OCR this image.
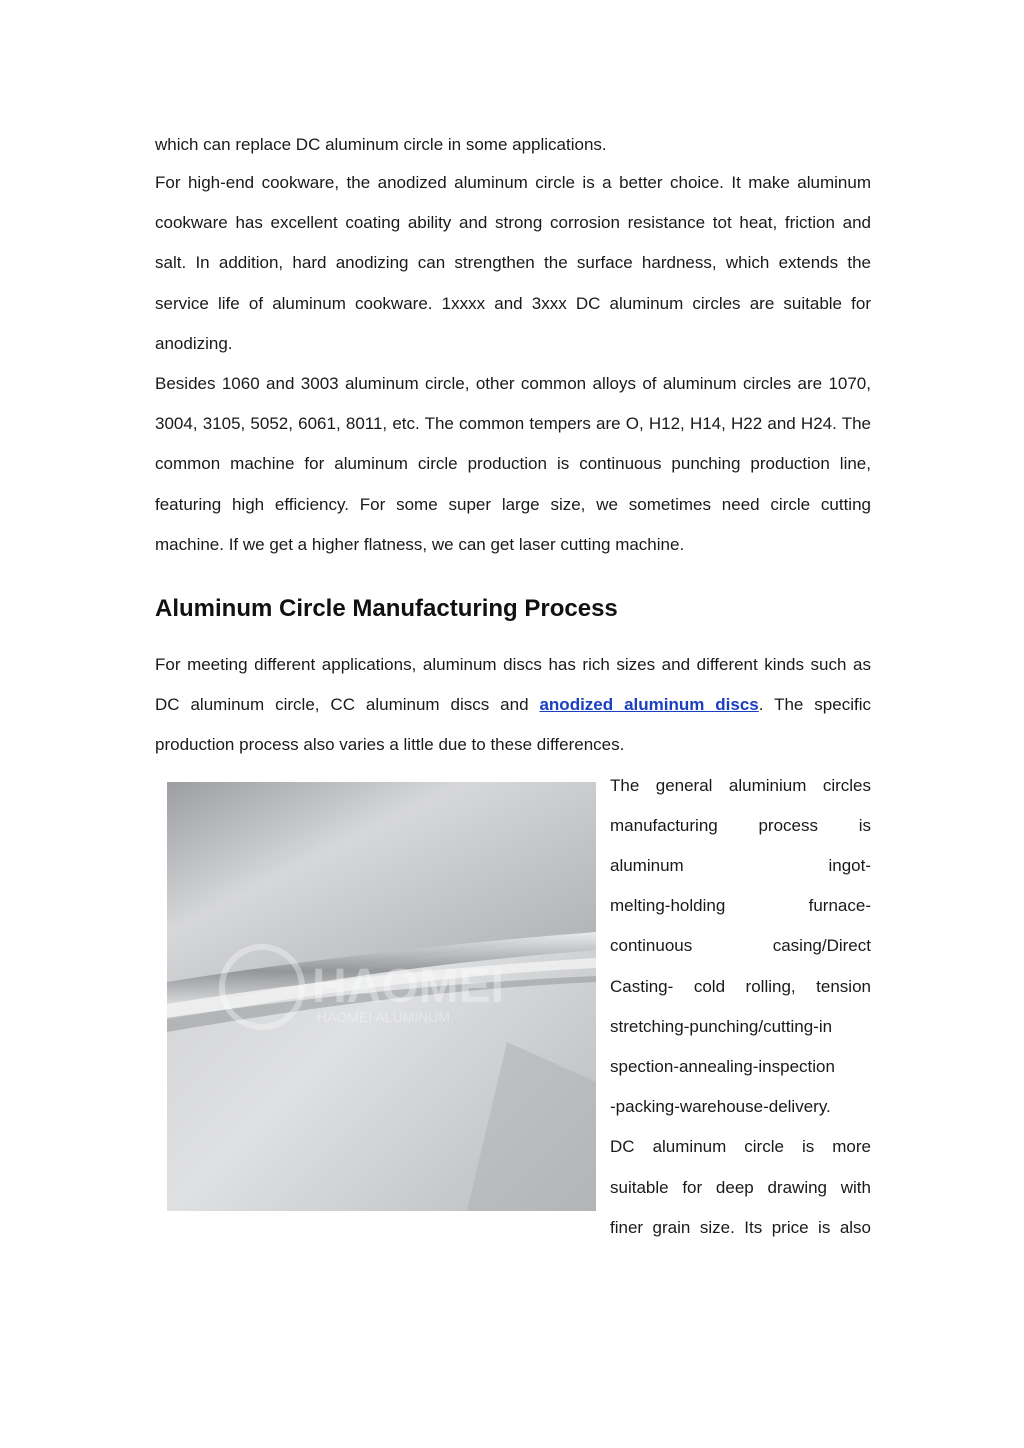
which can replace DC aluminum circle in some applications.

For high-end cookware, the anodized aluminum circle is a better choice. It make aluminum cookware has excellent coating ability and strong corrosion resistance tot heat, friction and salt. In addition, hard anodizing can strengthen the surface hardness, which extends the service life of aluminum cookware. 1xxxx and 3xxx DC aluminum circles are suitable for anodizing.

Besides 1060 and 3003 aluminum circle, other common alloys of aluminum circles are 1070, 3004, 3105, 5052, 6061, 8011, etc. The common tempers are O, H12, H14, H22 and H24. The common machine for aluminum circle production is continuous punching production line, featuring high efficiency. For some super large size, we sometimes need circle cutting machine. If we get a higher flatness, we can get laser cutting machine.

Aluminum Circle Manufacturing Process

For meeting different applications, aluminum discs has rich sizes and different kinds such as DC aluminum circle, CC aluminum discs and anodized aluminum discs. The specific production process also varies a little due to these differences.

HAOMEI
HAOMEI ALUMINUM

The general aluminium circles

manufacturing process is

aluminum ingot-

melting-holding furnace-

continuous casing/Direct

Casting- cold rolling, tension

stretching-punching/cutting-in

spection-annealing-inspection

-packing-warehouse-delivery.

DC aluminum circle is more

suitable for deep drawing with

finer grain size. Its price is also
